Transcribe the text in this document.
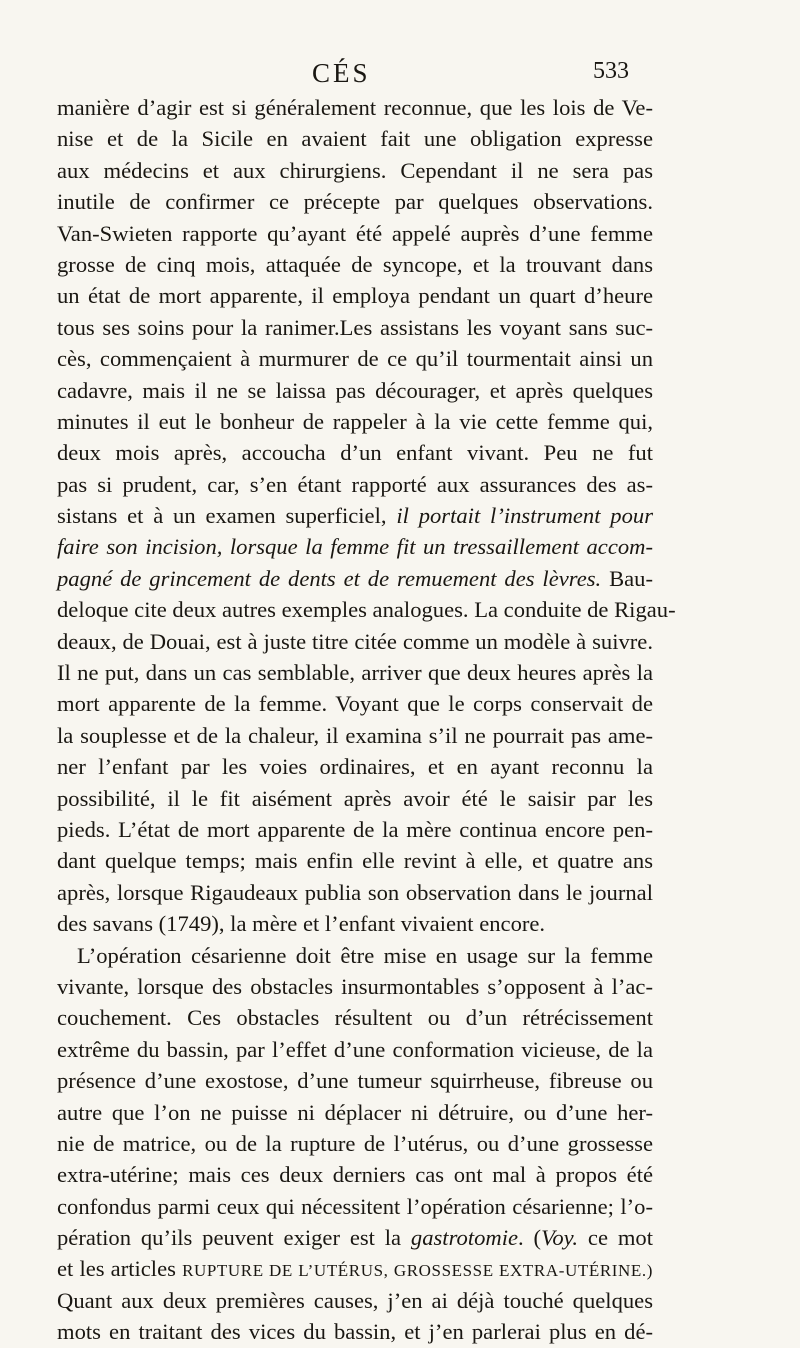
CÉS	533
manière d’agir est si généralement reconnue, que les lois de Ve-
nise et de la Sicile en avaient fait une obligation expresse
aux médecins et aux chirurgiens. Cependant il ne sera pas
inutile de confirmer ce précepte par quelques observations.
Van-Swieten rapporte qu’ayant été appelé auprès d’une femme
grosse de cinq mois, attaquée de syncope, et la trouvant dans
un état de mort apparente, il employa pendant un quart d’heure
tous ses soins pour la ranimer.Les assistans les voyant sans suc-
cès, commençaient à murmurer de ce qu’il tourmentait ainsi un
cadavre, mais il ne se laissa pas décourager, et après quelques
minutes il eut le bonheur de rappeler à la vie cette femme qui,
deux mois après, accoucha d’un enfant vivant. Peu ne fut
pas si prudent, car, s’en étant rapporté aux assurances des as-
sistans et à un examen superficiel, il portait l’instrument pour
faire son incision, lorsque la femme fit un tressaillement accom-
pagné de grincement de dents et de remuement des lèvres. Bau-
deloque cite deux autres exemples analogues. La conduite de Rigau-
deaux, de Douai, est à juste titre citée comme un modèle à suivre.
Il ne put, dans un cas semblable, arriver que deux heures après la
mort apparente de la femme. Voyant que le corps conservait de
la souplesse et de la chaleur, il examina s’il ne pourrait pas ame-
ner l’enfant par les voies ordinaires, et en ayant reconnu la
possibilité, il le fit aisément après avoir été le saisir par les
pieds. L’état de mort apparente de la mère continua encore pen-
dant quelque temps; mais enfin elle revint à elle, et quatre ans
après, lorsque Rigaudeaux publia son observation dans le journal
des savans (1749), la mère et l’enfant vivaient encore.
L’opération césarienne doit être mise en usage sur la femme
vivante, lorsque des obstacles insurmontables s’opposent à l’ac-
couchement. Ces obstacles résultent ou d’un rétrécissement
extrême du bassin, par l’effet d’une conformation vicieuse, de la
présence d’une exostose, d’une tumeur squirrheuse, fibreuse ou
autre que l’on ne puisse ni déplacer ni détruire, ou d’une her-
nie de matrice, ou de la rupture de l’utérus, ou d’une grossesse
extra-utérine; mais ces deux derniers cas ont mal à propos été
confondus parmi ceux qui nécessitent l’opération césarienne; l’o-
pération qu’ils peuvent exiger est la gastrotomie. (Voy. ce mot
et les articles RUPTURE DE L’UTÉRUS, GROSSESSE EXTRA-UTÉRINE.)
Quant aux deux premières causes, j’en ai déjà touché quelques
mots en traitant des vices du bassin, et j’en parlerai plus en dé-
